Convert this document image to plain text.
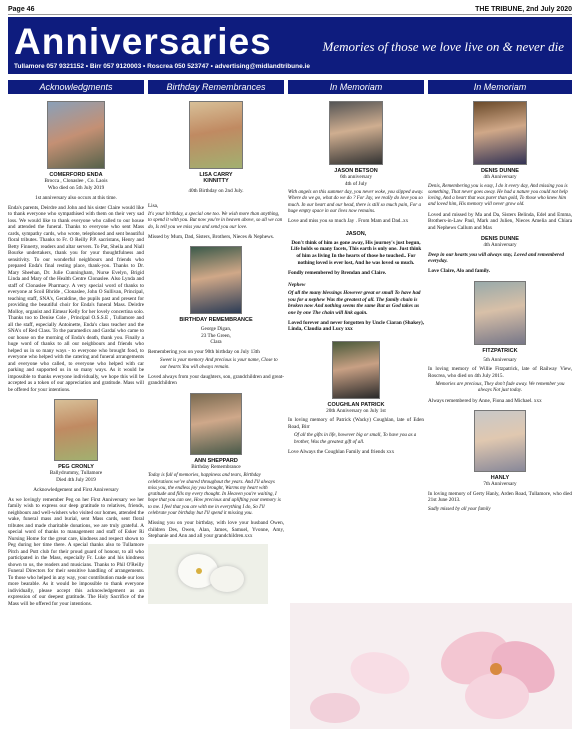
Page 46	THE TRIBUNE, 2nd July 2020
Anniversaries	Memories of those we love live on & never die
Tullamore 057 9321152 • Birr 057 9120003 • Roscrea 050 523747 • advertising@midlandtribune.ie
Acknowledgments	Birthday Remembrances	In Memoriam	In Memoriam
COMERFORD ENDA
Brocca , Clonaslee , Co. Laois
Who died on 5th July 2019
1st anniversary also occurs at this time.
Enda's parents, Deirdre and John and his sister Claire would like to thank everyone who sympathised with them on their very sad loss. We would like to thank everyone who called to our house and attended the funeral. Thanks to everyone who sent Mass cards, sympathy cards, who wrote, telephoned and sent beautiful floral tributes. Thanks to Fr. O Reilly P.P. sacristans, Henry and Betty Finnerty, readers and altar servers. To Pat, Sheila and Niall Bourke undertakers, thank you for your thoughtfulness and sensitivity. To our wonderful neighbours and friends who prepared Enda's final resting place, thank-you. Thanks to Dr. Mary Sheehan, Dr. Julie Cunningham, Nurse Evelyn, Brigid Linda and Mary of the Health Centre Clonaslee. Also Lynda and staff of Clonaslee Pharmacy. A very special word of thanks to everyone at Scoil Bhride , Clonaslee, John O Sullivan, Principal, teaching staff, SNA's, Geraldine, the pupils past and present for providing the beautiful choir for Enda's funeral Mass. Deirdre Molloy, organist and Eimear Kelly for her lovely concertina solo. Thanks too to Denise Cole , Principal O.S.S.E , Tullamore and all the staff, especially Antoinette, Enda's class teacher and the SNA's of Red Class. To the paramedics and Gardaí who came to our house on the morning of Enda's death, thank you. Finally a huge word of thanks to all our neighbours and friends who helped us in so many ways - to everyone who brought food, to everyone who helped with the catering and funeral arrangements and everyone who called, to everyone who helped with car parking and supported us in so many ways. As it would be impossible to thanks everyone individually, we hope this will be accepted as a token of our appreciation and gratitude. Mass will be offered for your intentions.
PEG CRONLY
Ballydrummy, Tullamore
Died 4th July 2019
Acknowledgement and First Anniversary
As we lovingly remember Peg on her First Anniversary we her family wish to express our deep gratitude to relatives, friends, neighbours and well-wishers who visited our homes, attended the wake, funeral mass and burial, sent Mass cards, sent floral tributes and made charitable donations, we are truly grateful. A special word of thanks to management and staff of Esker Ri Nursing Home for the great care, kindness and respect shown to Peg during her time there. A special thanks also to Tullamore Pitch and Putt club for their proud guard of honour, to all who participated in the Mass, especially Fr. Luke and his kindness shown to us, the readers and musicians. Thanks to Phil O'Reilly Funeral Directors for their sensitive handling of arrangements. To those who helped in any way, your contribution made our loss more bearable. As it would be impossible to thank everyone individually, please accept this acknowledgement as an expression of our deepest gratitude. The Holy Sacrifice of the Mass will be offered for your intentions.
LISA CARRY
KINNITTY
40th Birthday on 2nd July.
Lisa,
It's your birthday, a special one too. We wish more than anything, to spend it with you. But now you're in heaven above, so all we can do, Is tell you we miss you and send you our love.
Missed by Mum, Dad, Sisters, Brothers, Nieces & Nephews.
BIRTHDAY REMEMBRANCE
George Digan,
23 The Green,
Clara
Remembering you on your 90th birthday on July 13th
Sweet is your memory And precious is your name, Close to our hearts You will always remain.
Loved always from your daughters, son, grandchildren and great-grandchildren
ANN SHEPPARD
Birthday Remembrance
Today is full of memories, happiness and tears, Birthday celebrations we've shared throughout the years. And I'll always miss you, the endless joy you brought, Warms my heart with gratitude and fills my every thought. In Heaven you're waiting, I hope that you can see, How precious and uplifting your memory is to me. I feel that you are with me in everything I do, So I'll celebrate your birthday but I'll spend it missing you.
Missing you on your birthday, with love your husband Owen, children Des, Owen, Alan, James, Samuel, Yvonne, Amy, Stephanie and Ann and all your grandchildren.xxx
JASON BETSON
6th anniversary
4th of July
With angels on this summer day, you never woke, you slipped away. Where do we go, what do we do ? For Jay, we really do love you so much. In our heart and our head, there is still so much pain, For a huge empty space in our lives now remains.
Love and miss you so much Jay . From Mam and Dad..xx
JASON,
Don't think of him as gone away, His journey's just begun, Life holds so many facets, This earth is only one. Just think of him as living In the hearts of those he touched.. For nothing loved is ever lost, And he was loved so much.
Fondly remembered by Brendan and Claire.
Nephew
Of all the many blessings However great or small To have had you for a nephew Was the greatest of all. The family chain is broken now And nothing seems the same But as God takes us one by one The chain will link again.
Loved forever and never forgotten by Uncle Ciaran (Shakey), Linda, Claudia and Lucy xxx
COUGHLAN PATRICK
20th Anniversary on July 1st
In loving memory of Patrick (Wacky) Coughlan, late of Eden Road, Birr
Of all the gifts in life, however big or small, To have you as a brother, Was the greatest gift of all.
Love Always the Coughlan Family and friends xxx
DENIS DUNNE
4th Anniversary
Denis, Remembering you is easy, I do it every day, And missing you is something, That never goes away. He had a nature you could not help loving, And a heart that was purer than gold, To those who knew him and loved him, His memory will never grow old.
Loved and missed by Ma and Da, Sisters Belinda, Edel and Emma, Brothers-in-Law Paul, Mark and Julien, Nieces Amelia and Chiara and Nephews Callum and Max
DENIS DUNNE
4th Anniversary
Deep in our hearts you will always stay, Loved and remembered everyday.
Love Claire, Alo and family.
FITZPATRICK
5th Anniversary
In loving memory of Willie Fitzpatrick, late of Railway View, Roscrea, who died on 4th July 2015.
Memories are precious, They don't fade away. We remember you always Not just today.
Always remembered by Anne, Fiona and Michael. xxx
HANLY
7th Anniversary
In loving memory of Gerty Hanly, Arden Road, Tullamore, who died 21st June 2013.
Sadly missed by all your family
